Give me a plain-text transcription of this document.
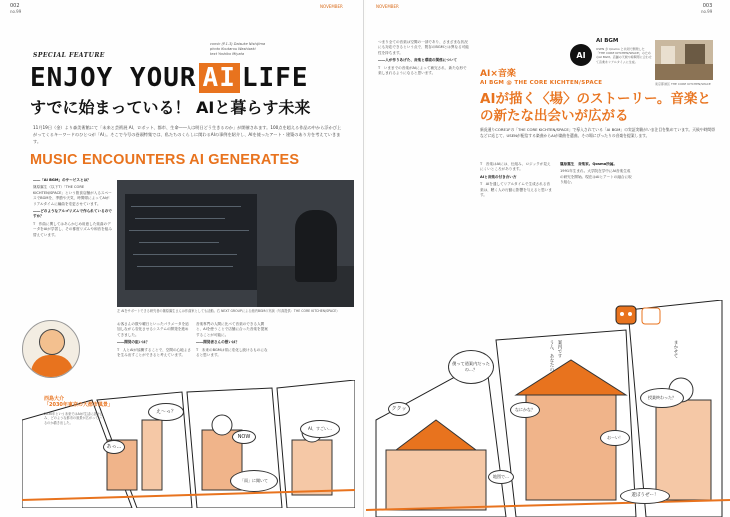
002
no.99
NOVEMBER
SPECIAL FEATURE
comic (P.1-3) Daisuke Nishijima
photo Koutarou Washizaki
text Yoshiko Miyata
ENJOY YOUR AI LIFE
すでに始まっている！ AIと暮らす未来
11月19日（金）より森美術館にて「未来と芸術展 AI、ロボット、都市、生命――人は明日どう生きるのか」が開催されます。100点を超える作品の中から浮かび上がってくるキーワードのひとつが「AI」。そこで今号の巻頭特集では、私たちのくらしに関わるAIの事例を紹介し、AIを使ったアート・建築のあり方を考えていきます。
MUSIC ENCOUNTERS AI GENERATES

――「AI BGM」のサービスとは？

篠原翼生（以下T）「THE CORE KICHTEN/SPACE」という飲食店舗が入るスペースでBGMを、季節や天気、時間帯によってAIがリアルタイムに編曲を変更させています。

――どのようなアルゴリズムで作られているのですか？

T　作曲に関してはあらかじめ用意した楽曲のデータをAIが学習し、その都度リズムや和音を組み替えています。

左 AIをサポートできる研究者の篠原翼生さんは作曲家としても活動。右 NEXT GROUPによる館内BGMの実演（写真提供：THE CORE KITCHEN/SPACE）

お客さんの数や曜日といったパラメータを追加しながら変化させるシステムの開発を進めてきました。

――開発の狙いは？

T　人とAIが協働することで、空間の心地よさを生み出すことができると考えています。

音楽専門の人間に比べて音楽のできる人間と、AIを使うことで店舗に合った音楽を提案することが可能に。

――開発者さんの想いは？

T　未来のBGMは常に変化し続けるものになると思います。

え〜っ？
あっ…
NOW
「雨」に聞いて
AI、すごい…
西島大介
「2030年東京の大都市風景」
2030年という未来ではAIが生活に溶け込み、どのような都市の風景が広がっているのか描き出した。
NOVEMBER	003
no.99

つまり全ての音楽は空間の一部であり、さまざまな状況にも対応できるという点で、既存のBGMとは異なる可能性を持ちます。

――人が作りあげた、音楽と環境の関係について

T　いままでの音楽がAIによって補完され、新たな形で楽しまれるようになると思います。

AI
AI BGM
USEN が Qosmo と共同で開発した「THE CORE KITCHEN/SPACE」のためのAI BGM。店舗の天候や時間帯に合わせて音楽をリアルタイムに生成。
東京都港区 THE CORE KITCHEN/SPACE
AI×音楽
AI BGM @ THE CORE KICHTEN/SPACE
AIが描く〈場〉のストーリー。音楽との新たな出会いが広がる
新虎通りCORE1Fの「THE CORE KICHTEN/SPACE」で導入されている「AI BGM」の実証実験がいま注目を集めています。天候や時間帯などに応じて、USENが配信する楽曲からAIが楽曲を選曲。その場にぴったりの音楽を提案します。

T　音楽はAIには、仕組み、ロジックが見えにくいところがあります。

AIと音楽の付き合い方

T　AIを通してリアルタイムで生成される音楽は、聴く人の行動に影響を与えると思います。

篠原翼生　音楽家。Qosmo所属。

1991年生まれ。大学院在学中にAI音楽生成の研究を開始。現在はAIとアートの融合に取り組む。

僕って道案内だったの…？
ククッ	なにかな？
おーい！
遊ぼうぜー！
授業終わった？
地図で…
うん、あなたの 案内です	まかせて
